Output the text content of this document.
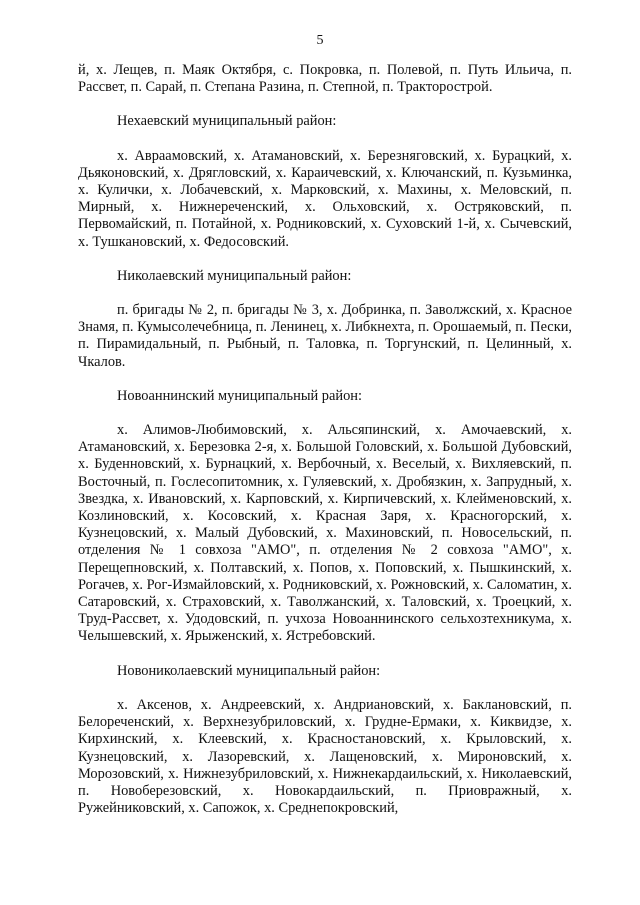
5

й, х. Лещев, п. Маяк Октября, с. Покровка, п. Полевой, п. Путь Ильича, п. Рассвет, п. Сарай, п. Степана Разина, п. Степной, п. Тракторострой.

Нехаевский муниципальный район:

х. Авраамовский, х. Атамановский, х. Березняговский, х. Бурацкий, х. Дьяконовский, х. Дрягловский, х. Караичевский, х. Ключанский, п. Кузьминка, х. Кулички, х. Лобачевский, х. Марковский, х. Махины, х. Меловский, п. Мирный, х. Нижнереченский, х. Ольховский, х. Остряковский, п. Первомайский, п. Потайной, х. Родниковский, х. Суховский 1-й, х. Сычевский, х. Тушкановский, х. Федосовский.

Николаевский муниципальный район:

п. бригады № 2, п. бригады № 3, х. Добринка, п. Заволжский, х. Красное Знамя, п. Кумысолечебница, п. Ленинец, х. Либкнехта, п. Орошаемый, п. Пески, п. Пирамидальный, п. Рыбный, п. Таловка, п. Торгунский, п. Целинный, х. Чкалов.

Новоаннинский муниципальный район:

х. Алимов-Любимовский, х. Альсяпинский, х. Амочаевский, х. Атамановский, х. Березовка 2-я, х. Большой Головский, х. Большой Дубовский, х. Буденновский, х. Бурнацкий, х. Вербочный, х. Веселый, х. Вихляевский, п. Восточный, п. Гослесопитомник, х. Гуляевский, х. Дробязкин, х. Запрудный, х. Звездка, х. Ивановский, х. Карповский, х. Кирпичевский, х. Клейменовский, х. Козлиновский, х. Косовский, х. Красная Заря, х. Красногорский, х. Кузнецовский, х. Малый Дубовский, х. Махиновский, п. Новосельский, п. отделения № 1 совхоза "АМО", п. отделения № 2 совхоза "АМО", х. Перещепновский, х. Полтавский, х. Попов, х. Поповский, х. Пышкинский, х. Рогачев, х. Рог-Измайловский, х. Родниковский, х. Рожновский, х. Саломатин, х. Сатаровский, х. Страховский, х. Таволжанский, х. Таловский, х. Троецкий, х. Труд-Рассвет, х. Удодовский, п. учхоза Новоаннинского сельхозтехникума, х. Челышевский, х. Ярыженский, х. Ястребовский.

Новониколаевский муниципальный район:

х. Аксенов, х. Андреевский, х. Андриановский, х. Баклановский, п. Белореченский, х. Верхнезубриловский, х. Грудне-Ермаки, х. Киквидзе, х. Кирхинский, х. Клеевский, х. Красностановский, х. Крыловский, х. Кузнецовский, х. Лазоревский, х. Лащеновский, х. Мироновский, х. Морозовский, х. Нижнезубриловский, х. Нижнекардаильский, х. Николаевский, п. Новоберезовский, х. Новокардаильский, п. Приовражный, х. Ружейниковский, х. Сапожок, х. Среднепокровский,
